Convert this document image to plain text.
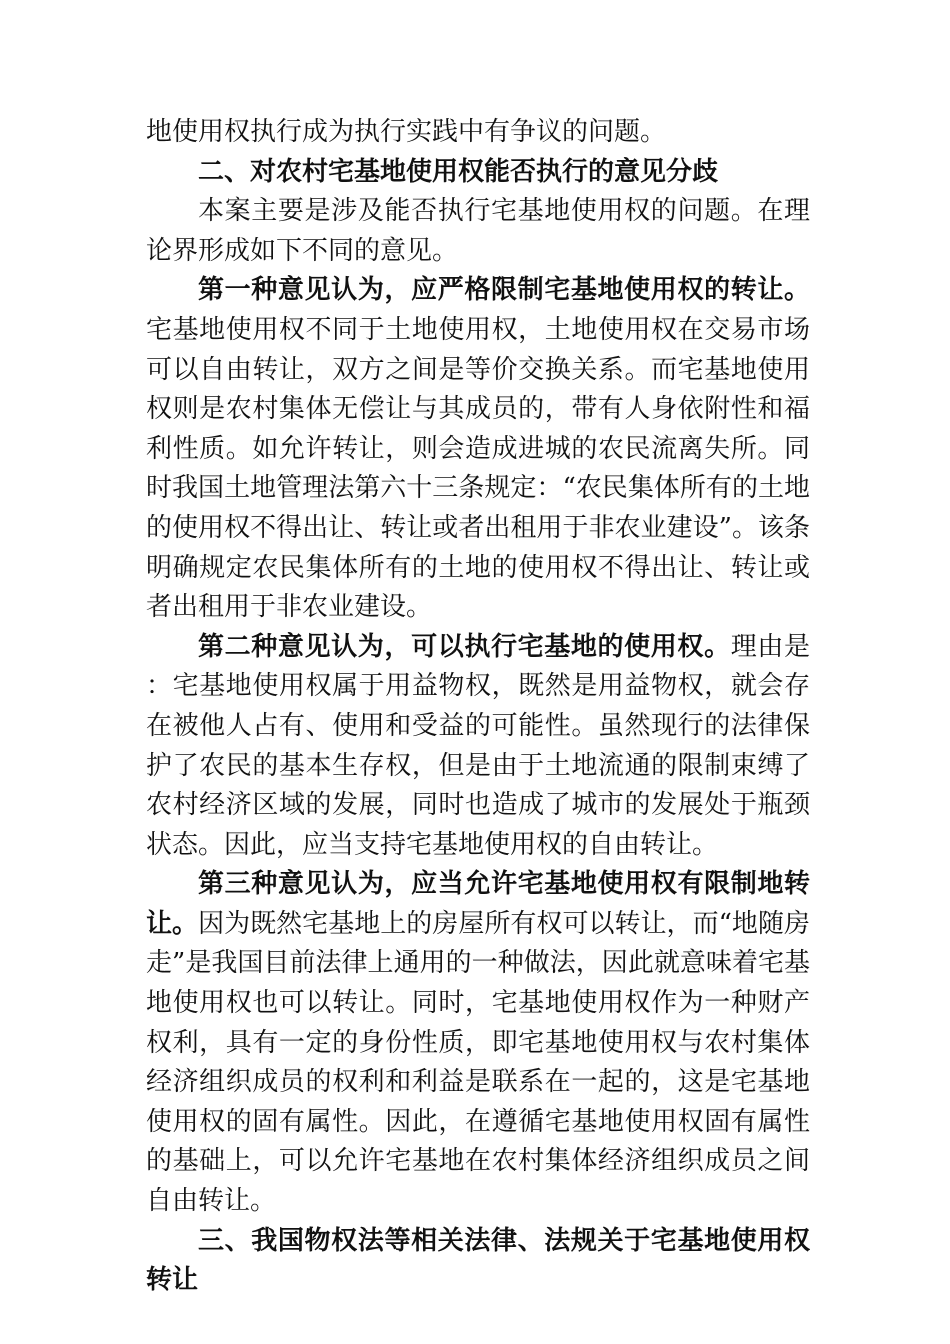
地使用权执行成为执行实践中有争议的问题。

二、对农村宅基地使用权能否执行的意见分歧

本案主要是涉及能否执行宅基地使用权的问题。在理论界形成如下不同的意见。

第一种意见认为，应严格限制宅基地使用权的转让。宅基地使用权不同于土地使用权，土地使用权在交易市场可以自由转让，双方之间是等价交换关系。而宅基地使用权则是农村集体无偿让与其成员的，带有人身依附性和福利性质。如允许转让，则会造成进城的农民流离失所。同时我国土地管理法第六十三条规定：“农民集体所有的土地的使用权不得出让、转让或者出租用于非农业建设”。该条明确规定农民集体所有的土地的使用权不得出让、转让或者出租用于非农业建设。

第二种意见认为，可以执行宅基地的使用权。理由是：宅基地使用权属于用益物权，既然是用益物权，就会存在被他人占有、使用和受益的可能性。虽然现行的法律保护了农民的基本生存权，但是由于土地流通的限制束缚了农村经济区域的发展，同时也造成了城市的发展处于瓶颈状态。因此，应当支持宅基地使用权的自由转让。

第三种意见认为，应当允许宅基地使用权有限制地转让。因为既然宅基地上的房屋所有权可以转让，而“地随房走”是我国目前法律上通用的一种做法，因此就意味着宅基地使用权也可以转让。同时，宅基地使用权作为一种财产权利，具有一定的身份性质，即宅基地使用权与农村集体经济组织成员的权利和利益是联系在一起的，这是宅基地使用权的固有属性。因此，在遵循宅基地使用权固有属性的基础上，可以允许宅基地在农村集体经济组织成员之间自由转让。

三、我国物权法等相关法律、法规关于宅基地使用权转让
